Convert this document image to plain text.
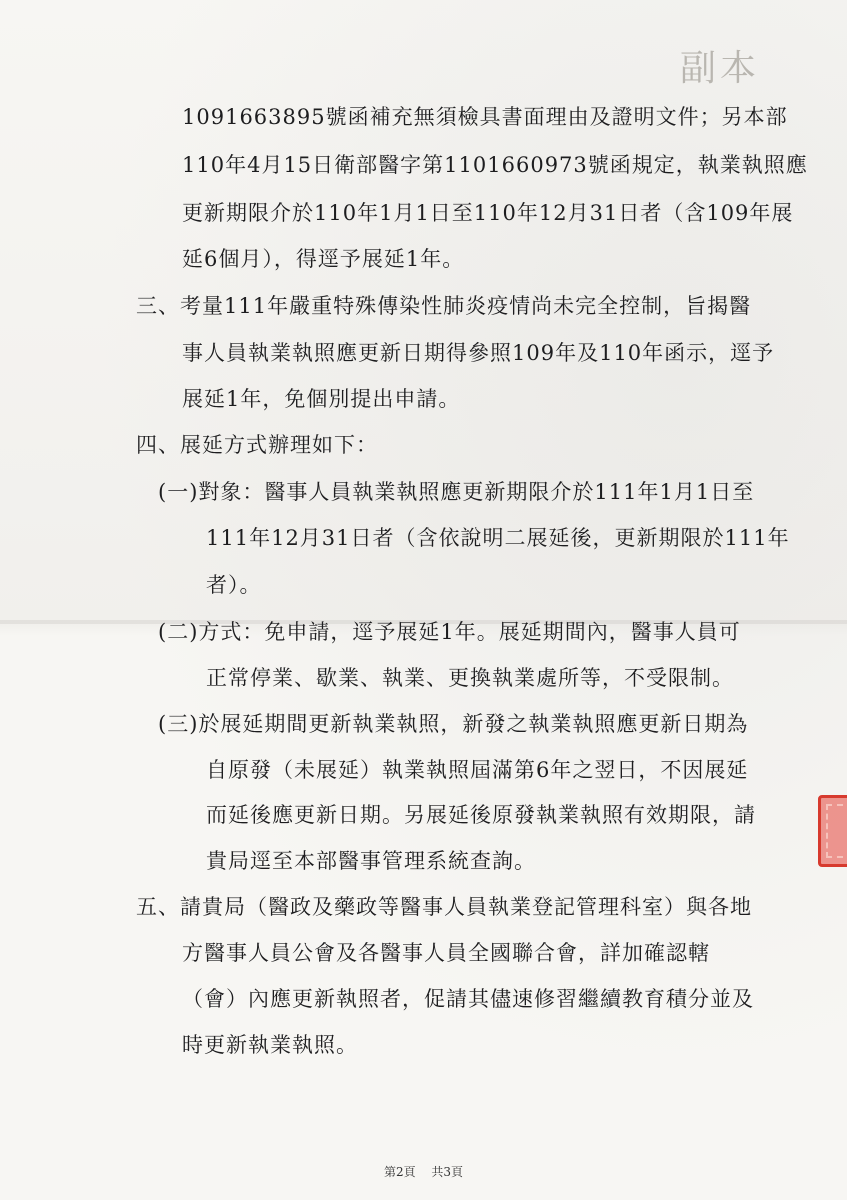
副本
1091663895號函補充無須檢具書面理由及證明文件；另本部
110年4月15日衛部醫字第1101660973號函規定，執業執照應
更新期限介於110年1月1日至110年12月31日者（含109年展
延6個月），得逕予展延1年。
三、考量111年嚴重特殊傳染性肺炎疫情尚未完全控制，旨揭醫
事人員執業執照應更新日期得參照109年及110年函示，逕予
展延1年，免個別提出申請。
四、展延方式辦理如下：
(一)對象：醫事人員執業執照應更新期限介於111年1月1日至
111年12月31日者（含依說明二展延後，更新期限於111年
者）。
(二)方式：免申請，逕予展延1年。展延期間內，醫事人員可
正常停業、歇業、執業、更換執業處所等，不受限制。
(三)於展延期間更新執業執照，新發之執業執照應更新日期為
自原發（未展延）執業執照屆滿第6年之翌日，不因展延
而延後應更新日期。另展延後原發執業執照有效期限，請
貴局逕至本部醫事管理系統查詢。
五、請貴局（醫政及藥政等醫事人員執業登記管理科室）與各地
方醫事人員公會及各醫事人員全國聯合會，詳加確認轄
（會）內應更新執照者，促請其儘速修習繼續教育積分並及
時更新執業執照。
第2頁 共3頁
